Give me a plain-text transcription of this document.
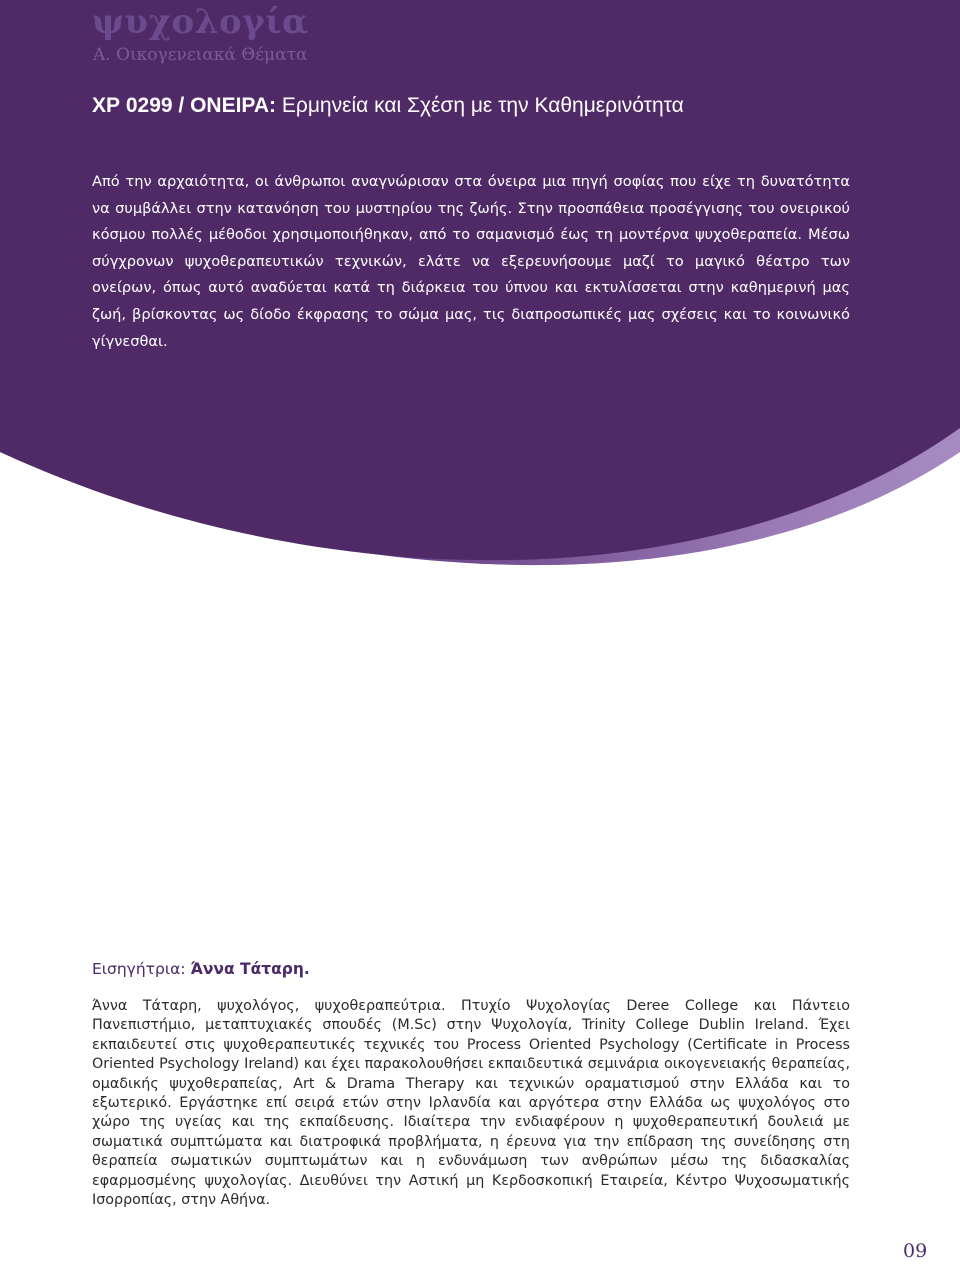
ψυχολογία
Α. Οικογενειακά Θέματα
ΧΡ 0299 / ΟΝΕΙΡΑ: Ερμηνεία και Σχέση με την Καθημερινότητα

Από την αρχαιότητα, οι άνθρωποι αναγνώρισαν στα όνειρα μια πηγή σοφίας που είχε τη δυνατότητα να συμβάλλει στην κατανόηση του μυστηρίου της ζωής. Στην προσπάθεια προσέγγισης του ονειρικού κόσμου πολλές μέθοδοι χρησιμοποιήθηκαν, από το σαμανισμό έως τη μοντέρνα ψυχοθεραπεία. Μέσω σύγχρονων ψυχοθεραπευτικών τεχνικών, ελάτε να εξερευνήσουμε μαζί το μαγικό θέατρο των ονείρων, όπως αυτό αναδύεται κατά τη διάρκεια του ύπνου και εκτυλίσσεται στην καθημερινή μας ζωή, βρίσκοντας ως δίοδο έκφρασης το σώμα μας, τις διαπροσωπικές μας σχέσεις και το κοινωνικό γίγνεσθαι.

Εισηγήτρια: Άννα Τάταρη.

Άννα Τάταρη, ψυχολόγος, ψυχοθεραπεύτρια. Πτυχίο Ψυχολογίας Deree College και Πάντειο Πανεπιστήμιο, μεταπτυχιακές σπουδές (M.Sc) στην Ψυχολογία, Trinity College Dublin Ireland. Έχει εκπαιδευτεί στις ψυχοθεραπευτικές τεχνικές του Process Oriented Psychology (Certificate in Process Oriented Psychology Ireland) και έχει παρακολουθήσει εκπαιδευτικά σεμινάρια οικογενειακής θεραπείας, ομαδικής ψυχοθεραπείας, Art & Drama Therapy και τεχνικών οραματισμού στην Ελλάδα και το εξωτερικό. Εργάστηκε επί σειρά ετών στην Ιρλανδία και αργότερα στην Ελλάδα ως ψυχολόγος στο χώρο της υγείας και της εκπαίδευσης. Ιδιαίτερα την ενδιαφέρουν η ψυχοθεραπευτική δουλειά με σωματικά συμπτώματα και διατροφικά προβλήματα, η έρευνα για την επίδραση της συνείδησης στη θεραπεία σωματικών συμπτωμάτων και η ενδυνάμωση των ανθρώπων μέσω της διδασκαλίας εφαρμοσμένης ψυχολογίας. Διευθύνει την Αστική μη Κερδοσκοπική Εταιρεία, Κέντρο Ψυχοσωματικής Ισορροπίας, στην Αθήνα.

09
